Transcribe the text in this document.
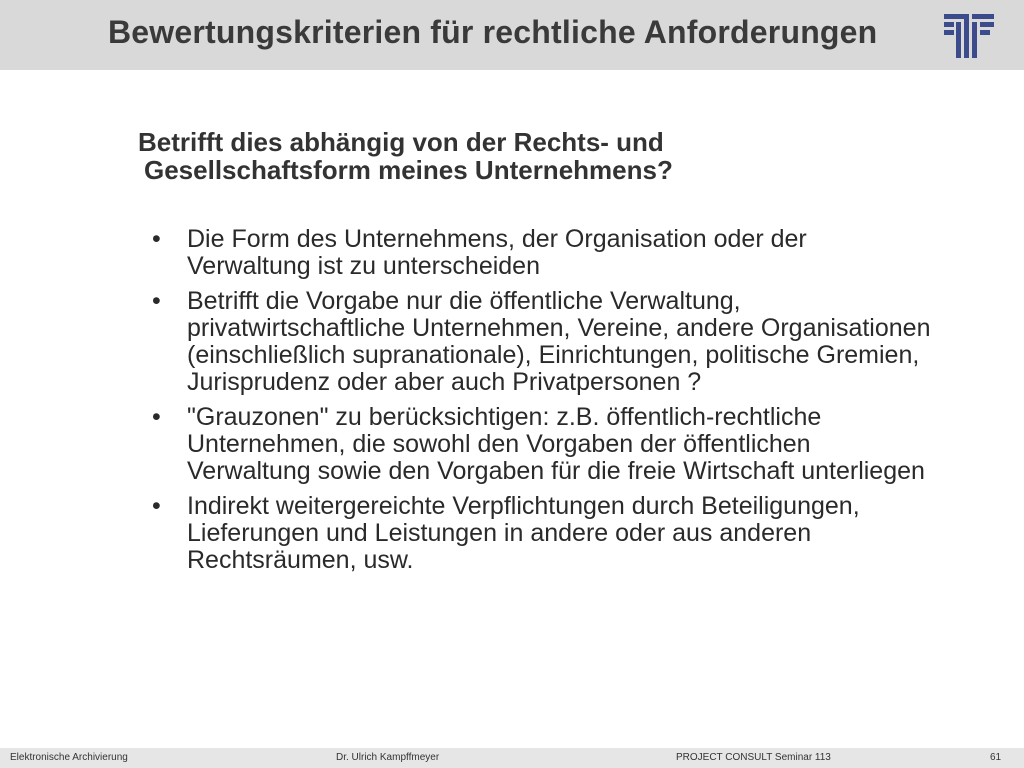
Bewertungskriterien für rechtliche Anforderungen
Betrifft dies abhängig von der Rechts- und
Gesellschaftsform meines Unternehmens?
•	Die Form des Unternehmens, der Organisation oder der Verwaltung ist zu unterscheiden
•	Betrifft die Vorgabe nur die öffentliche Verwaltung, privatwirtschaftliche Unternehmen, Vereine, andere Organisationen (einschließlich supranationale), Einrichtungen, politische Gremien, Jurisprudenz oder aber auch Privatpersonen ?
•	"Grauzonen" zu berücksichtigen: z.B. öffentlich-rechtliche Unternehmen, die sowohl den Vorgaben der öffentlichen Verwaltung sowie den Vorgaben für die freie Wirtschaft unterliegen
•	Indirekt weitergereichte Verpflichtungen durch Beteiligungen, Lieferungen und Leistungen in andere oder aus anderen Rechtsräumen, usw.
Elektronische Archivierung	Dr. Ulrich Kampffmeyer	PROJECT CONSULT Seminar 113	61
